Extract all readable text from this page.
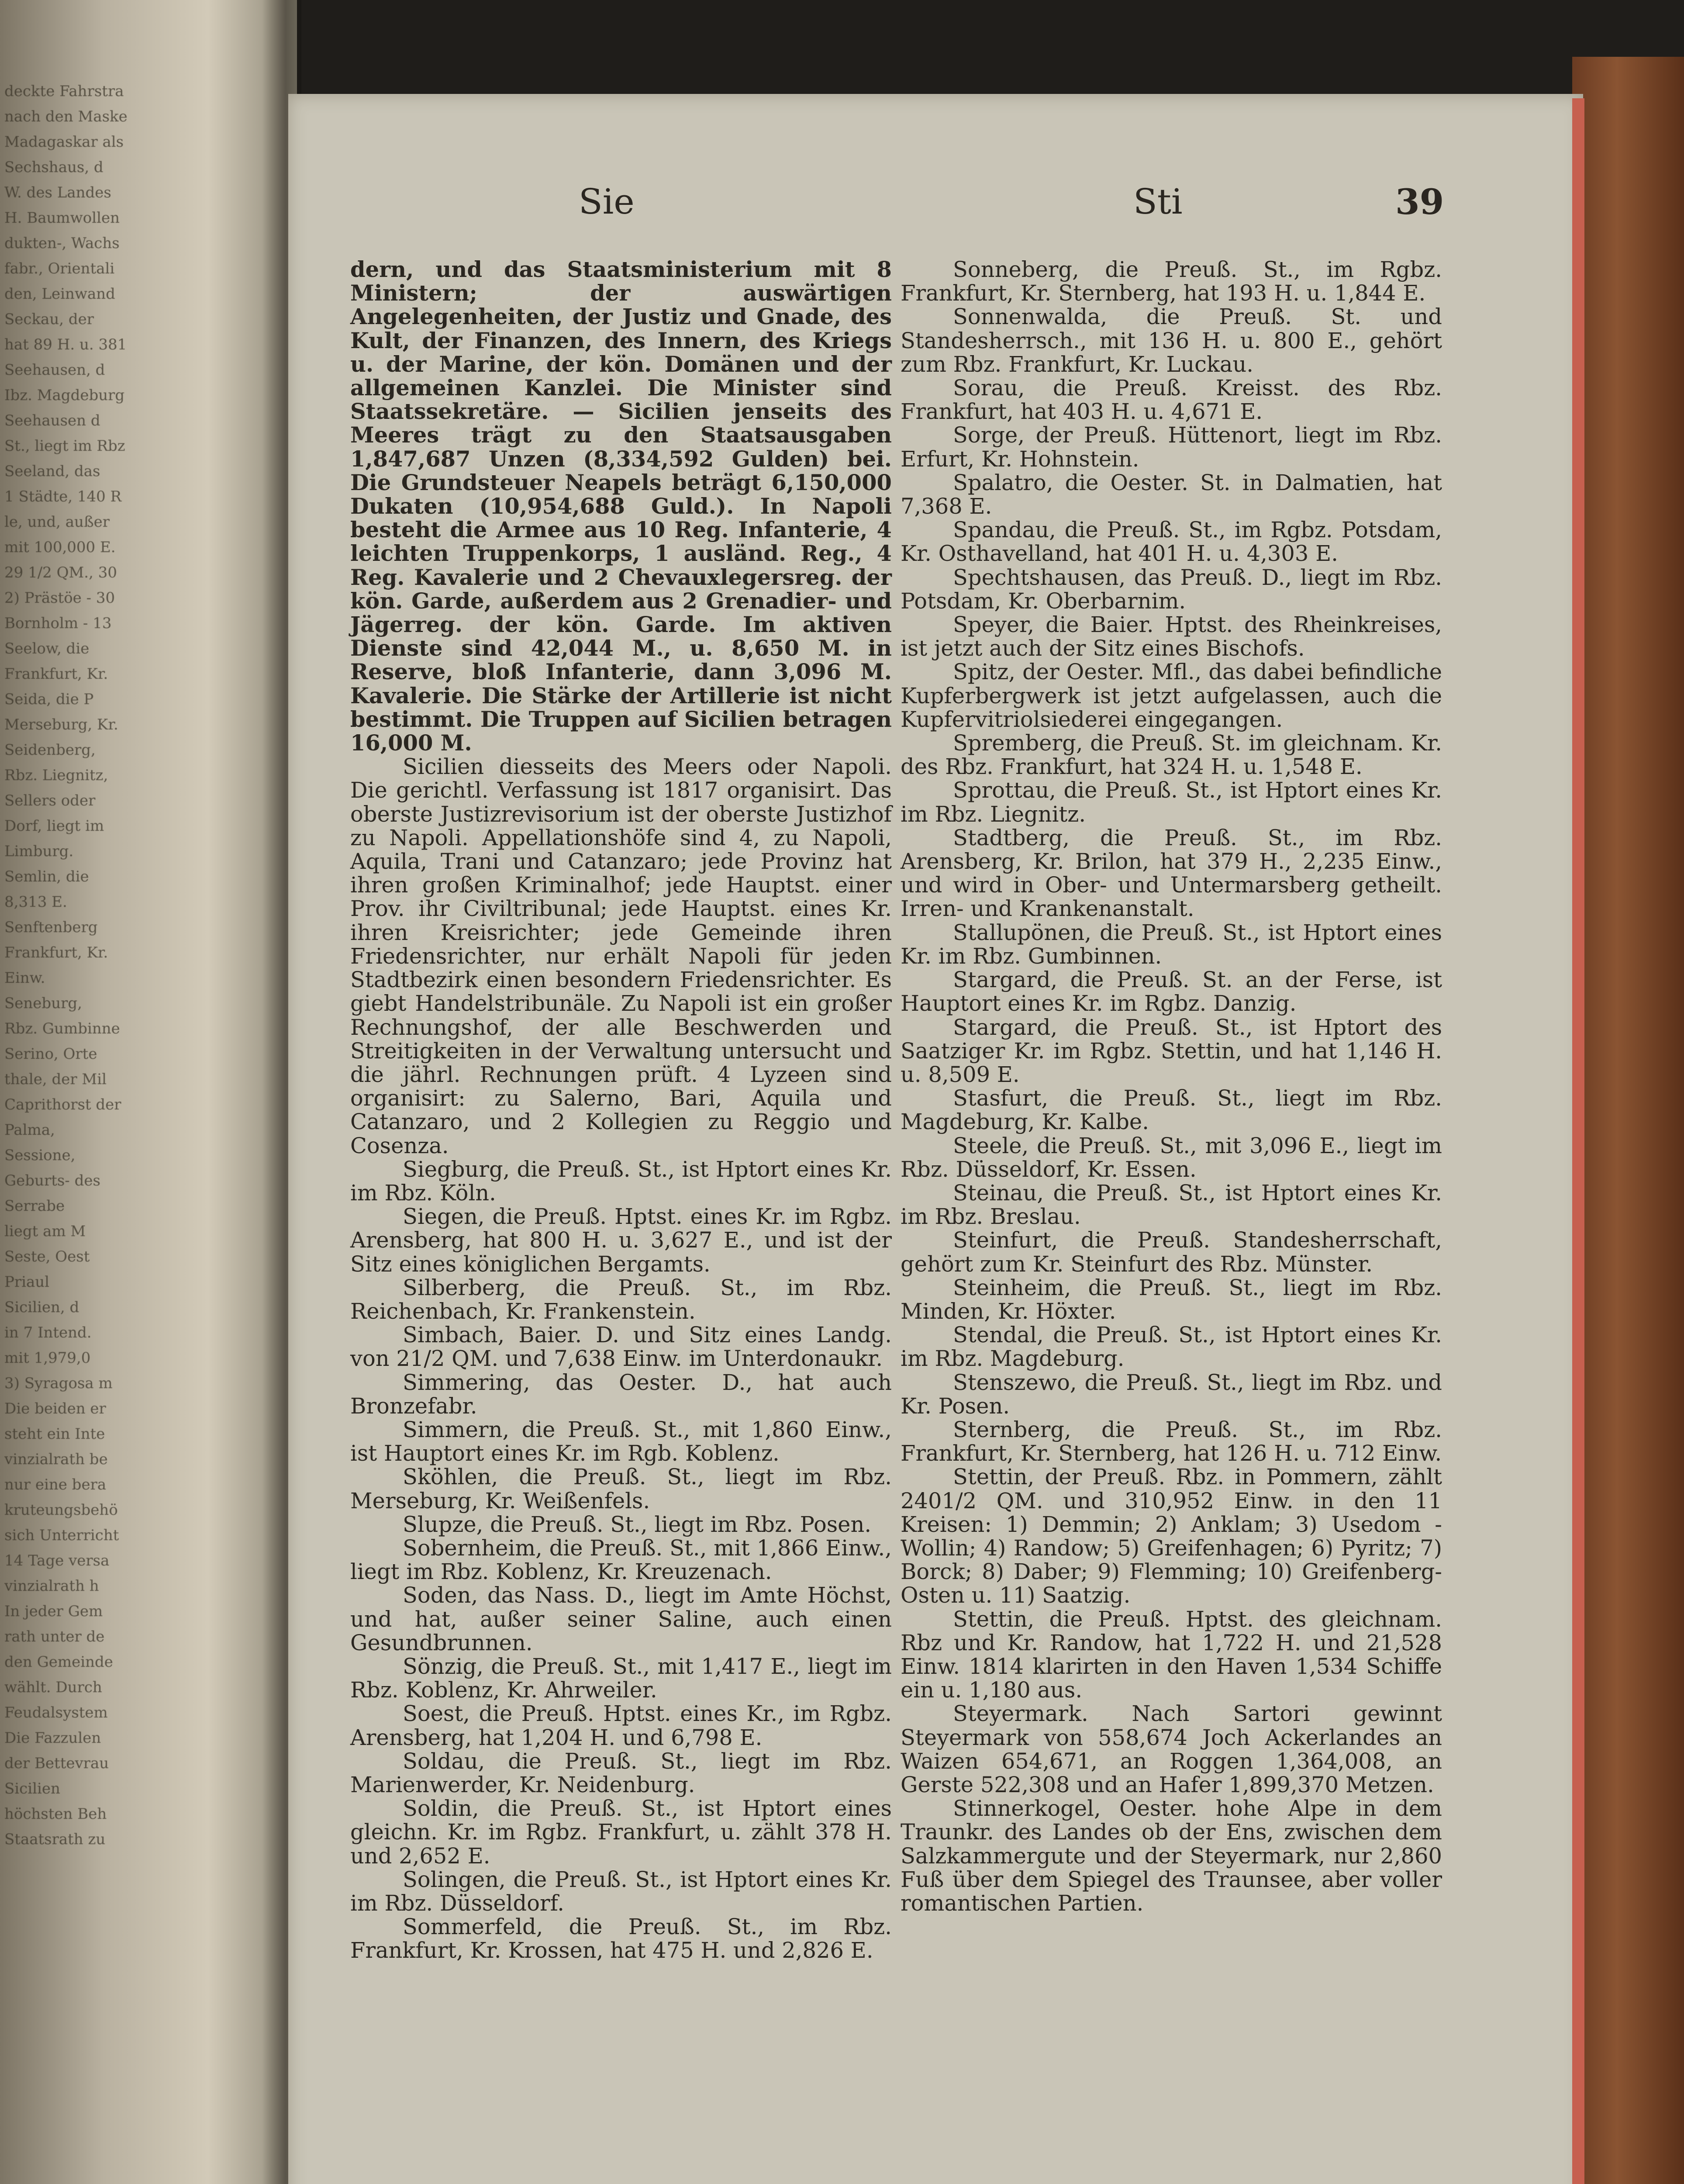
deckte Fahrstra
nach den Maske
Madagaskar als
Sechshaus, d
W. des Landes
H. Baumwollen
dukten-, Wachs
fabr., Orientali
den, Leinwand
Seckau, der
hat 89 H. u. 381
Seehausen, d
Ibz. Magdeburg
Seehausen d
St., liegt im Rbz
Seeland, das
1 Städte, 140 R
le, und, außer
mit 100,000 E.
29 1/2 QM., 30
2) Prästöe - 30
Bornholm - 13
Seelow, die
Frankfurt, Kr.
Seida, die P
Merseburg, Kr.
Seidenberg,
Rbz. Liegnitz,
Sellers oder
Dorf, liegt im
Limburg.
Semlin, die
8,313 E.
Senftenberg
Frankfurt, Kr.
Einw.
Seneburg,
Rbz. Gumbinne
Serino, Orte
thale, der Mil
Caprithorst der
Palma,
Sessione,
Geburts- des
Serrabe
liegt am M
Seste, Oest
Priaul
Sicilien, d
in 7 Intend.
mit 1,979,0
3) Syragosa m
Die beiden er
steht ein Inte
vinzialrath be
nur eine bera
kruteungsbehö
sich Unterricht
14 Tage versa
vinzialrath h
In jeder Gem
rath unter de
den Gemeinde
wählt. Durch
Feudalsystem
Die Fazzulen
der Bettevrau
Sicilien
höchsten Beh
Staatsrath zu
Sie	Sti	39

dern, und das Staatsministerium mit 8 Ministern; der auswärtigen Angelegenheiten, der Justiz und Gnade, des Kult, der Finanzen, des Innern, des Kriegs u. der Marine, der kön. Domänen und der allgemeinen Kanzlei. Die Minister sind Staatssekretäre. — Sicilien jenseits des Meeres trägt zu den Staatsausgaben 1,847,687 Unzen (8,334,592 Gulden) bei. Die Grundsteuer Neapels beträgt 6,150,000 Dukaten (10,954,688 Guld.). In Napoli besteht die Armee aus 10 Reg. Infanterie, 4 leichten Truppenkorps, 1 ausländ. Reg., 4 Reg. Kavalerie und 2 Chevauxlegersreg. der kön. Garde, außerdem aus 2 Grenadier- und Jägerreg. der kön. Garde. Im aktiven Dienste sind 42,044 M., u. 8,650 M. in Reserve, bloß Infanterie, dann 3,096 M. Kavalerie. Die Stärke der Artillerie ist nicht bestimmt. Die Truppen auf Sicilien betragen 16,000 M.

Sicilien diesseits des Meers oder Napoli. Die gerichtl. Verfassung ist 1817 organisirt. Das oberste Justizrevisorium ist der oberste Justizhof zu Napoli. Appellationshöfe sind 4, zu Napoli, Aquila, Trani und Catanzaro; jede Provinz hat ihren großen Kriminalhof; jede Hauptst. einer Prov. ihr Civiltribunal; jede Hauptst. eines Kr. ihren Kreisrichter; jede Gemeinde ihren Friedensrichter, nur erhält Napoli für jeden Stadtbezirk einen besondern Friedensrichter. Es giebt Handelstribunäle. Zu Napoli ist ein großer Rechnungshof, der alle Beschwerden und Streitigkeiten in der Verwaltung untersucht und die jährl. Rechnungen prüft. 4 Lyzeen sind organisirt: zu Salerno, Bari, Aquila und Catanzaro, und 2 Kollegien zu Reggio und Cosenza.

Siegburg, die Preuß. St., ist Hptort eines Kr. im Rbz. Köln.

Siegen, die Preuß. Hptst. eines Kr. im Rgbz. Arensberg, hat 800 H. u. 3,627 E., und ist der Sitz eines königlichen Bergamts.

Silberberg, die Preuß. St., im Rbz. Reichenbach, Kr. Frankenstein.

Simbach, Baier. D. und Sitz eines Landg. von 21/2 QM. und 7,638 Einw. im Unterdonaukr.

Simmering, das Oester. D., hat auch Bronzefabr.

Simmern, die Preuß. St., mit 1,860 Einw., ist Hauptort eines Kr. im Rgb. Koblenz.

Sköhlen, die Preuß. St., liegt im Rbz. Merseburg, Kr. Weißenfels.

Slupze, die Preuß. St., liegt im Rbz. Posen.

Sobernheim, die Preuß. St., mit 1,866 Einw., liegt im Rbz. Koblenz, Kr. Kreuzenach.

Soden, das Nass. D., liegt im Amte Höchst, und hat, außer seiner Saline, auch einen Gesundbrunnen.

Sönzig, die Preuß. St., mit 1,417 E., liegt im Rbz. Koblenz, Kr. Ahrweiler.

Soest, die Preuß. Hptst. eines Kr., im Rgbz. Arensberg, hat 1,204 H. und 6,798 E.

Soldau, die Preuß. St., liegt im Rbz. Marienwerder, Kr. Neidenburg.

Soldin, die Preuß. St., ist Hptort eines gleichn. Kr. im Rgbz. Frankfurt, u. zählt 378 H. und 2,652 E.

Solingen, die Preuß. St., ist Hptort eines Kr. im Rbz. Düsseldorf.

Sommerfeld, die Preuß. St., im Rbz. Frankfurt, Kr. Krossen, hat 475 H. und 2,826 E.

Sonneberg, die Preuß. St., im Rgbz. Frankfurt, Kr. Sternberg, hat 193 H. u. 1,844 E.

Sonnenwalda, die Preuß. St. und Standesherrsch., mit 136 H. u. 800 E., gehört zum Rbz. Frankfurt, Kr. Luckau.

Sorau, die Preuß. Kreisst. des Rbz. Frankfurt, hat 403 H. u. 4,671 E.

Sorge, der Preuß. Hüttenort, liegt im Rbz. Erfurt, Kr. Hohnstein.

Spalatro, die Oester. St. in Dalmatien, hat 7,368 E.

Spandau, die Preuß. St., im Rgbz. Potsdam, Kr. Osthavelland, hat 401 H. u. 4,303 E.

Spechtshausen, das Preuß. D., liegt im Rbz. Potsdam, Kr. Oberbarnim.

Speyer, die Baier. Hptst. des Rheinkreises, ist jetzt auch der Sitz eines Bischofs.

Spitz, der Oester. Mfl., das dabei befindliche Kupferbergwerk ist jetzt aufgelassen, auch die Kupfervitriolsiederei eingegangen.

Spremberg, die Preuß. St. im gleichnam. Kr. des Rbz. Frankfurt, hat 324 H. u. 1,548 E.

Sprottau, die Preuß. St., ist Hptort eines Kr. im Rbz. Liegnitz.

Stadtberg, die Preuß. St., im Rbz. Arensberg, Kr. Brilon, hat 379 H., 2,235 Einw., und wird in Ober- und Untermarsberg getheilt. Irren- und Krankenanstalt.

Stallupönen, die Preuß. St., ist Hptort eines Kr. im Rbz. Gumbinnen.

Stargard, die Preuß. St. an der Ferse, ist Hauptort eines Kr. im Rgbz. Danzig.

Stargard, die Preuß. St., ist Hptort des Saatziger Kr. im Rgbz. Stettin, und hat 1,146 H. u. 8,509 E.

Stasfurt, die Preuß. St., liegt im Rbz. Magdeburg, Kr. Kalbe.

Steele, die Preuß. St., mit 3,096 E., liegt im Rbz. Düsseldorf, Kr. Essen.

Steinau, die Preuß. St., ist Hptort eines Kr. im Rbz. Breslau.

Steinfurt, die Preuß. Standesherrschaft, gehört zum Kr. Steinfurt des Rbz. Münster.

Steinheim, die Preuß. St., liegt im Rbz. Minden, Kr. Höxter.

Stendal, die Preuß. St., ist Hptort eines Kr. im Rbz. Magdeburg.

Stenszewo, die Preuß. St., liegt im Rbz. und Kr. Posen.

Sternberg, die Preuß. St., im Rbz. Frankfurt, Kr. Sternberg, hat 126 H. u. 712 Einw.

Stettin, der Preuß. Rbz. in Pommern, zählt 2401/2 QM. und 310,952 Einw. in den 11 Kreisen: 1) Demmin; 2) Anklam; 3) Usedom - Wollin; 4) Randow; 5) Greifenhagen; 6) Pyritz; 7) Borck; 8) Daber; 9) Flemming; 10) Greifenberg-Osten u. 11) Saatzig.

Stettin, die Preuß. Hptst. des gleichnam. Rbz und Kr. Randow, hat 1,722 H. und 21,528 Einw. 1814 klarirten in den Haven 1,534 Schiffe ein u. 1,180 aus.

Steyermark. Nach Sartori gewinnt Steyermark von 558,674 Joch Ackerlandes an Waizen 654,671, an Roggen 1,364,008, an Gerste 522,308 und an Hafer 1,899,370 Metzen.

Stinnerkogel, Oester. hohe Alpe in dem Traunkr. des Landes ob der Ens, zwischen dem Salzkammergute und der Steyermark, nur 2,860 Fuß über dem Spiegel des Traunsee, aber voller romantischen Partien.
